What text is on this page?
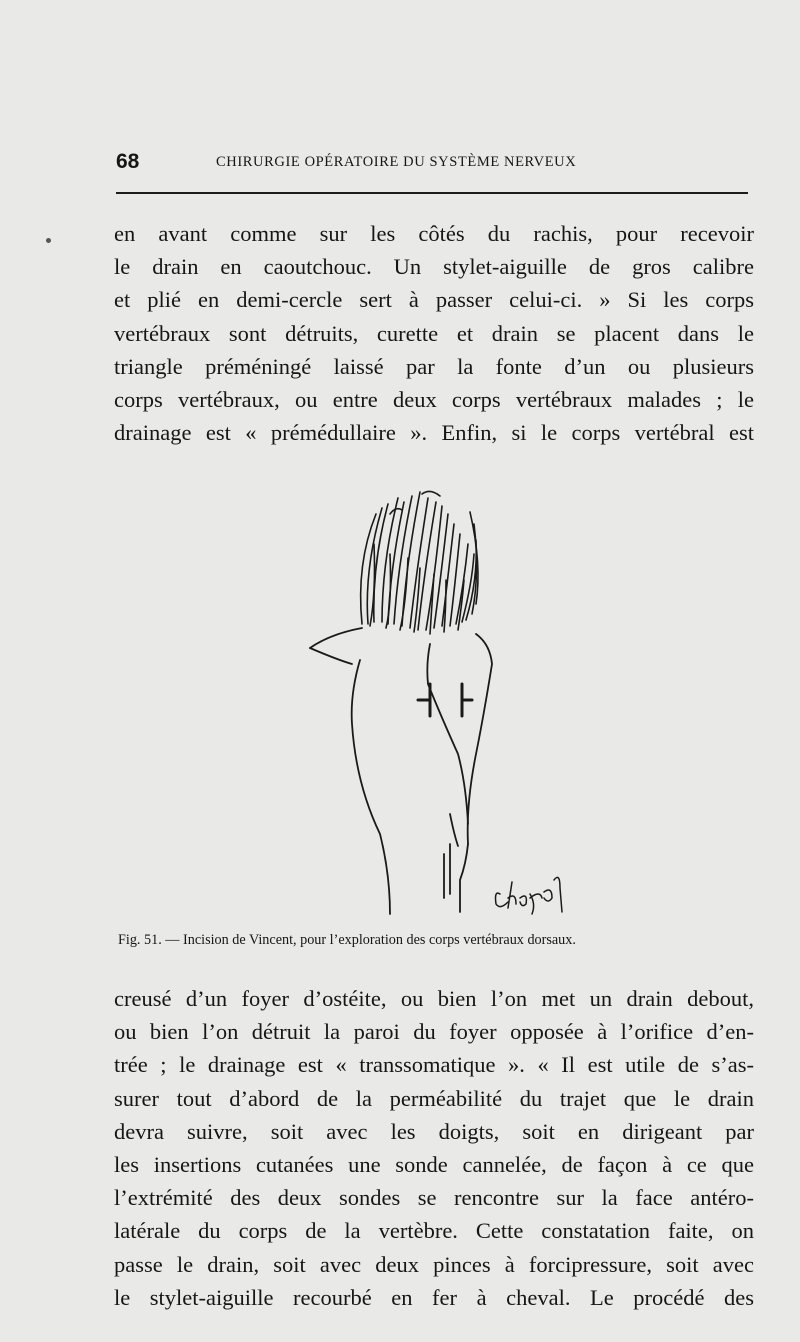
68	CHIRURGIE OPÉRATOIRE DU SYSTÈME NERVEUX
en avant comme sur les côtés du rachis, pour recevoir
le drain en caoutchouc. Un stylet-aiguille de gros calibre
et plié en demi-cercle sert à passer celui-ci. » Si les corps
vertébraux sont détruits, curette et drain se placent dans le
triangle préméningé laissé par la fonte d’un ou plusieurs
corps vertébraux, ou entre deux corps vertébraux malades ; le
drainage est « prémédullaire ». Enfin, si le corps vertébral est
Fig. 51. — Incision de Vincent, pour l’exploration des corps vertébraux dorsaux.
creusé d’un foyer d’ostéite, ou bien l’on met un drain debout,
ou bien l’on détruit la paroi du foyer opposée à l’orifice d’en-
trée ; le drainage est « transsomatique ». « Il est utile de s’as-
surer tout d’abord de la perméabilité du trajet que le drain
devra suivre, soit avec les doigts, soit en dirigeant par
les insertions cutanées une sonde cannelée, de façon à ce que
l’extrémité des deux sondes se rencontre sur la face antéro-
latérale du corps de la vertèbre. Cette constatation faite, on
passe le drain, soit avec deux pinces à forcipressure, soit avec
le stylet-aiguille recourbé en fer à cheval. Le procédé des
